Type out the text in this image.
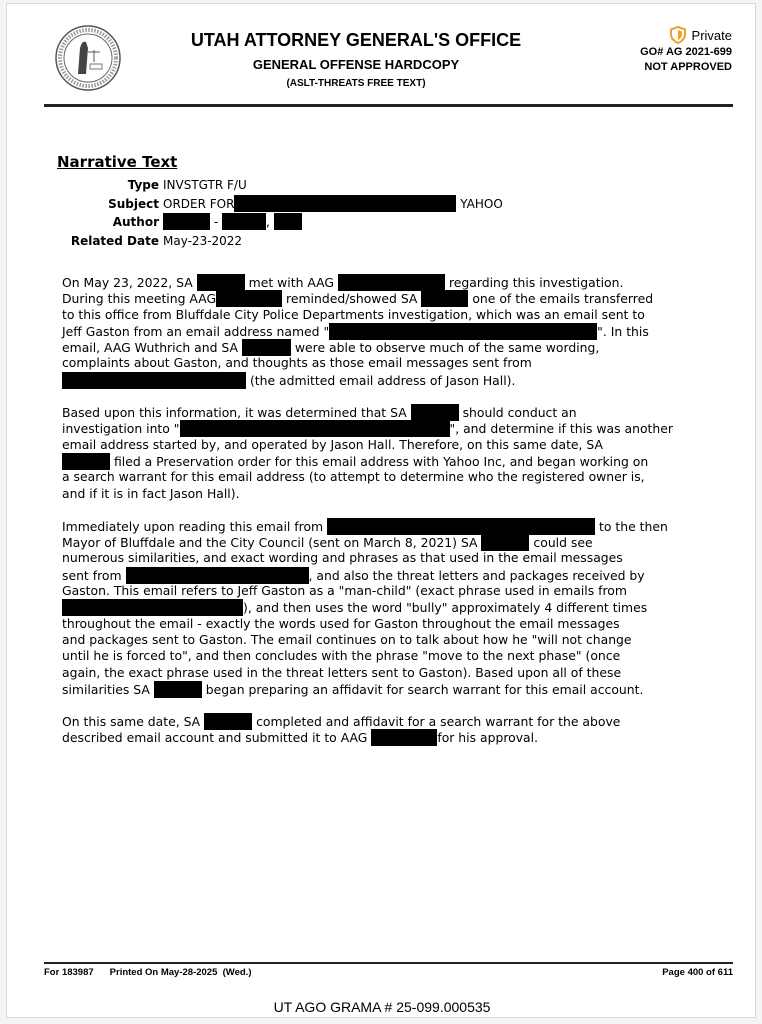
UTAH ATTORNEY GENERAL'S OFFICE
GENERAL OFFENSE HARDCOPY
(ASLT-THREATS FREE TEXT)
Private
GO# AG 2021-699
NOT APPROVED
Narrative Text
Type INVSTGTR F/U
Subject ORDER FOR	YAHOO
Author	-	,
Related Date May-23-2022
On May 23, 2022, SA	met with AAG	regarding this investigation.
During this meeting AAG	reminded/showed SA	one of the emails transferred
to this office from Bluffdale City Police Departments investigation, which was an email sent to
Jeff Gaston from an email address named "	". In this
email, AAG Wuthrich and SA	were able to observe much of the same wording,
complaints about Gaston, and thoughts as those email messages sent from
(the admitted email address of Jason Hall).
Based upon this information, it was determined that SA	should conduct an
investigation into "	", and determine if this was another
email address started by, and operated by Jason Hall. Therefore, on this same date, SA
filed a Preservation order for this email address with Yahoo Inc, and began working on
a search warrant for this email address (to attempt to determine who the registered owner is,
and if it is in fact Jason Hall).
Immediately upon reading this email from	to the then
Mayor of Bluffdale and the City Council (sent on March 8, 2021) SA	could see
numerous similarities, and exact wording and phrases as that used in the email messages
sent from	, and also the threat letters and packages received by
Gaston. This email refers to Jeff Gaston as a "man-child" (exact phrase used in emails from
), and then uses the word "bully" approximately 4 different times
throughout the email - exactly the words used for Gaston throughout the email messages
and packages sent to Gaston. The email continues on to talk about how he "will not change
until he is forced to", and then concludes with the phrase "move to the next phase" (once
again, the exact phrase used in the threat letters sent to Gaston). Based upon all of these
similarities SA	began preparing an affidavit for search warrant for this email account.
On this same date, SA	completed and affidavit for a search warrant for the above
described email account and submitted it to AAG	for his approval.
For 183987 Printed On May-28-2025  (Wed.)	Page 400 of 611
UT AGO GRAMA # 25-099.000535
